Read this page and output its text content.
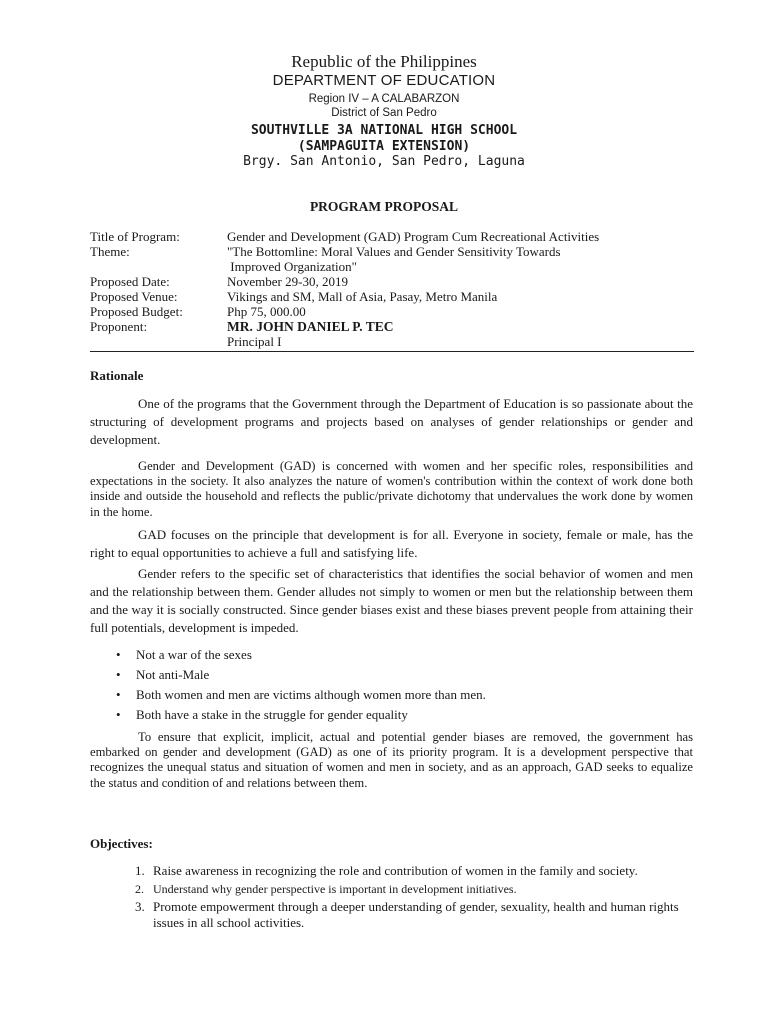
Republic of the Philippines
DEPARTMENT OF EDUCATION
Region IV – A CALABARZON
District of San Pedro
SOUTHVILLE 3A NATIONAL HIGH SCHOOL
(SAMPAGUITA EXTENSION)
Brgy. San Antonio, San Pedro, Laguna
PROGRAM PROPOSAL
Title of Program:	Gender and Development (GAD) Program Cum Recreational Activities
Theme:	"The Bottomline: Moral Values and Gender Sensitivity Towards
Improved Organization"
Proposed Date:	November 29-30, 2019
Proposed Venue:	Vikings and SM, Mall of Asia, Pasay, Metro Manila
Proposed Budget:	Php 75, 000.00
Proponent:	MR. JOHN DANIEL P. TEC
Principal I
Rationale
One of the programs that the Government through the Department of Education is so passionate about the structuring of development programs and projects based on analyses of gender relationships or gender and development.
Gender and Development (GAD) is concerned with women and her specific roles, responsibilities and expectations in the society. It also analyzes the nature of women's contribution within the context of work done both inside and outside the household and reflects the public/private dichotomy that undervalues the work done by women in the home.
GAD focuses on the principle that development is for all. Everyone in society, female or male, has the right to equal opportunities to achieve a full and satisfying life.
Gender refers to the specific set of characteristics that identifies the social behavior of women and men and the relationship between them. Gender alludes not simply to women or men but the relationship between them and the way it is socially constructed. Since gender biases exist and these biases prevent people from attaining their full potentials, development is impeded.
• Not a war of the sexes
• Not anti-Male
• Both women and men are victims although women more than men.
• Both have a stake in the struggle for gender equality
To ensure that explicit, implicit, actual and potential gender biases are removed, the government has embarked on gender and development (GAD) as one of its priority program. It is a development perspective that recognizes the unequal status and situation of women and men in society, and as an approach, GAD seeks to equalize the status and condition of and relations between them.
Objectives:
1. Raise awareness in recognizing the role and contribution of women in the family and society.
2. Understand why gender perspective is important in development initiatives.
3. Promote empowerment through a deeper understanding of gender, sexuality, health and human rights issues in all school activities.
